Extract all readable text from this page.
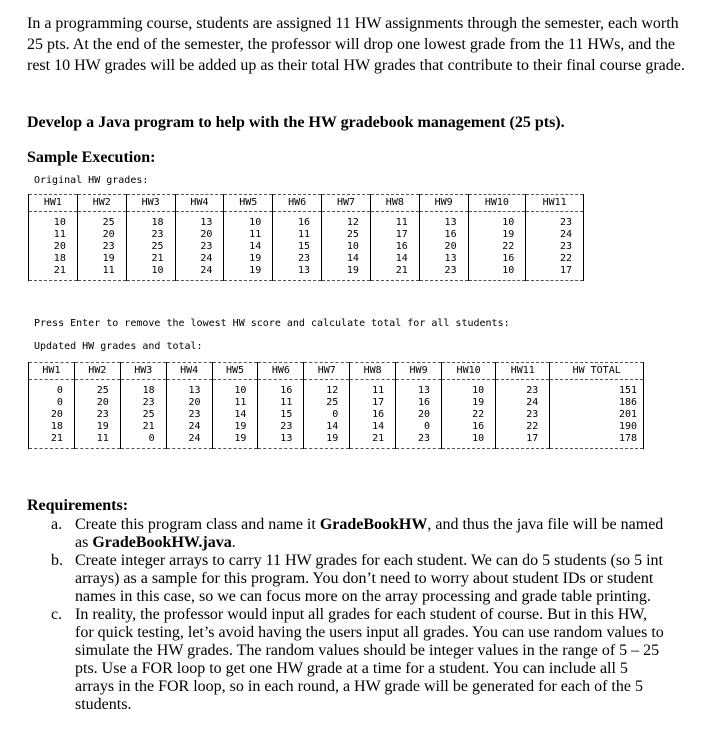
In a programming course, students are assigned 11 HW assignments through the semester, each worth 25 pts. At the end of the semester, the professor will drop one lowest grade from the 11 HWs, and the rest 10 HW grades will be added up as their total HW grades that contribute to their final course grade.

Develop a Java program to help with the HW gradebook management (25 pts).

Sample Execution:

Original HW grades:

HW1	HW2	HW3	HW4	HW5	HW6	HW7	HW8	HW9	HW10	HW11
10	25	18	13	10	16	12	11	13	10	23
11	20	23	20	11	11	25	17	16	19	24
20	23	25	23	14	15	10	16	20	22	23
18	19	21	24	19	23	14	14	13	16	22
21	11	10	24	19	13	19	21	23	10	17

Press Enter to remove the lowest HW score and calculate total for all students:

Updated HW grades and total:

HW1	HW2	HW3	HW4	HW5	HW6	HW7	HW8	HW9	HW10	HW11	HW TOTAL
0	25	18	13	10	16	12	11	13	10	23	151
0	20	23	20	11	11	25	17	16	19	24	186
20	23	25	23	14	15	0	16	20	22	23	201
18	19	21	24	19	23	14	14	0	16	22	190
21	11	0	24	19	13	19	21	23	10	17	178

Requirements:

a. Create this program class and name it GradeBookHW, and thus the java file will be named as GradeBookHW.java.
b. Create integer arrays to carry 11 HW grades for each student. We can do 5 students (so 5 int arrays) as a sample for this program. You don’t need to worry about student IDs or student names in this case, so we can focus more on the array processing and grade table printing.
c. In reality, the professor would input all grades for each student of course. But in this HW, for quick testing, let’s avoid having the users input all grades. You can use random values to simulate the HW grades. The random values should be integer values in the range of 5 – 25 pts. Use a FOR loop to get one HW grade at a time for a student. You can include all 5 arrays in the FOR loop, so in each round, a HW grade will be generated for each of the 5 students.
